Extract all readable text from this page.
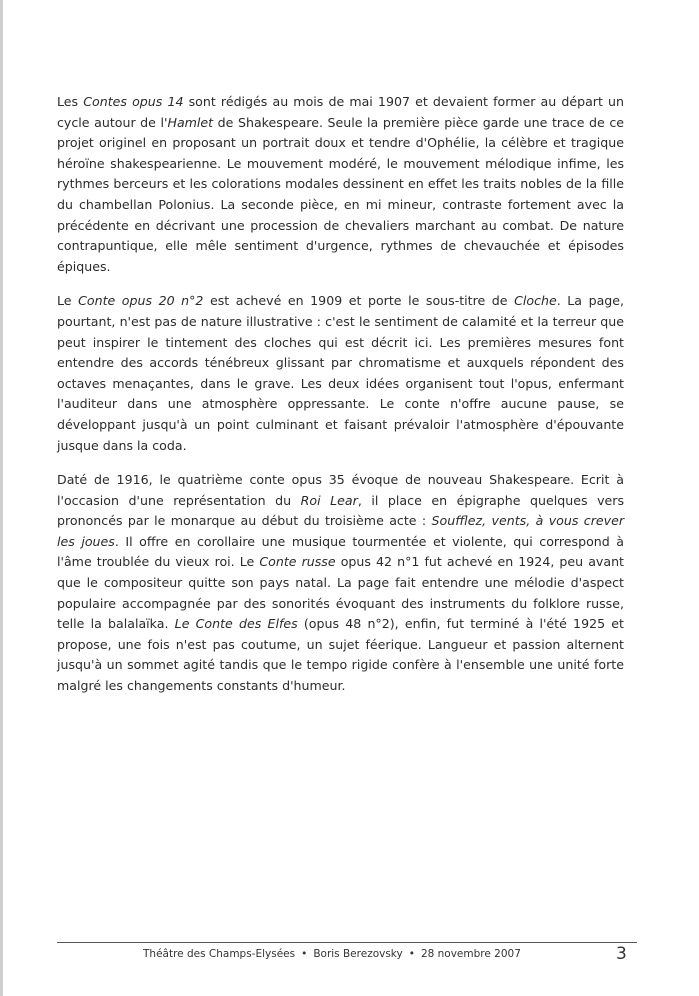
Les Contes opus 14 sont rédigés au mois de mai 1907 et devaient former au départ un cycle autour de l'Hamlet de Shakespeare. Seule la première pièce garde une trace de ce projet originel en proposant un portrait doux et tendre d'Ophélie, la célèbre et tragique héroïne shakespearienne. Le mouvement modéré, le mouvement mélodique infime, les rythmes berceurs et les colorations modales dessinent en effet les traits nobles de la fille du chambellan Polonius. La seconde pièce, en mi mineur, contraste fortement avec la précédente en décrivant une procession de chevaliers marchant au combat. De nature contrapuntique, elle mêle sentiment d'urgence, rythmes de chevauchée et épisodes épiques.

Le Conte opus 20 n°2 est achevé en 1909 et porte le sous-titre de Cloche. La page, pourtant, n'est pas de nature illustrative : c'est le sentiment de calamité et la terreur que peut inspirer le tintement des cloches qui est décrit ici. Les premières mesures font entendre des accords ténébreux glissant par chromatisme et auxquels répondent des octaves menaçantes, dans le grave. Les deux idées organisent tout l'opus, enfermant l'auditeur dans une atmosphère oppressante. Le conte n'offre aucune pause, se développant jusqu'à un point culminant et faisant prévaloir l'atmosphère d'épouvante jusque dans la coda.

Daté de 1916, le quatrième conte opus 35 évoque de nouveau Shakespeare. Ecrit à l'occasion d'une représentation du Roi Lear, il place en épigraphe quelques vers prononcés par le monarque au début du troisième acte : Soufflez, vents, à vous crever les joues. Il offre en corollaire une musique tourmentée et violente, qui correspond à l'âme troublée du vieux roi. Le Conte russe opus 42 n°1 fut achevé en 1924, peu avant que le compositeur quitte son pays natal. La page fait entendre une mélodie d'aspect populaire accompagnée par des sonorités évoquant des instruments du folklore russe, telle la balalaïka. Le Conte des Elfes (opus 48 n°2), enfin, fut terminé à l'été 1925 et propose, une fois n'est pas coutume, un sujet féerique. Langueur et passion alternent jusqu'à un sommet agité tandis que le tempo rigide confère à l'ensemble une unité forte malgré les changements constants d'humeur.

Théâtre des Champs-Elysées • Boris Berezovsky • 28 novembre 2007	3
